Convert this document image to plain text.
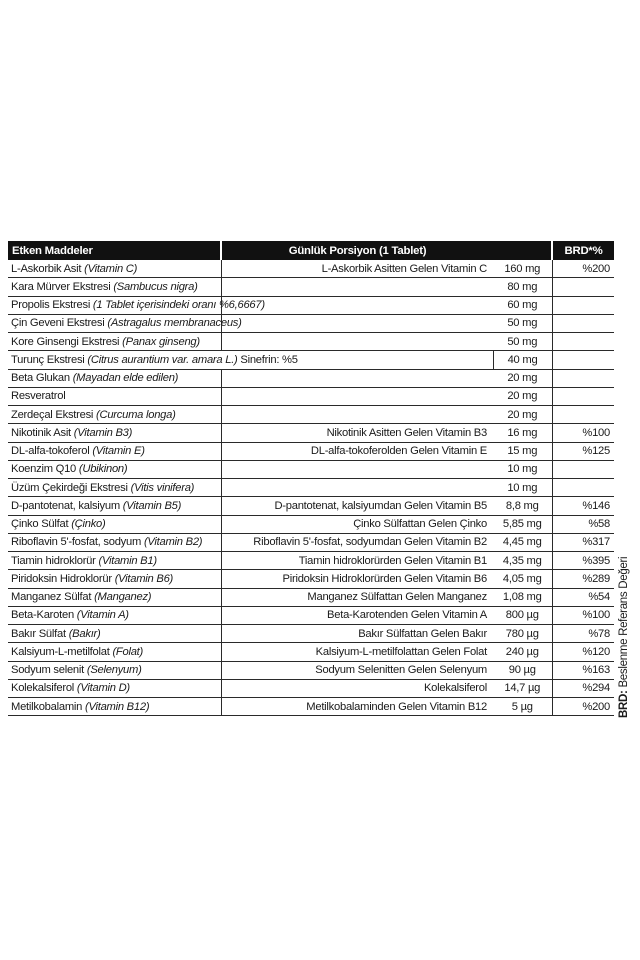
Etken Maddeler	Günlük Porsiyon (1 Tablet)		BRD*%
L-Askorbik Asit (Vitamin C)	L-Askorbik Asitten Gelen Vitamin C	160 mg	%200
Kara Mürver Ekstresi (Sambucus nigra)		80 mg	
Propolis Ekstresi (1 Tablet içerisindeki oranı %6,6667)		60 mg	
Çin Geveni Ekstresi (Astragalus membranaceus)		50 mg	
Kore Ginsengi Ekstresi (Panax ginseng)		50 mg	
Turunç Ekstresi (Citrus aurantium var. amara L.) Sinefrin: %5		40 mg	
Beta Glukan (Mayadan elde edilen)		20 mg	
Resveratrol		20 mg	
Zerdeçal Ekstresi (Curcuma longa)		20 mg	
Nikotinik Asit (Vitamin B3)	Nikotinik Asitten Gelen Vitamin B3	16 mg	%100
DL-alfa-tokoferol (Vitamin E)	DL-alfa-tokoferolden Gelen Vitamin E	15 mg	%125
Koenzim Q10 (Ubikinon)		10 mg	
Üzüm Çekirdeği Ekstresi (Vitis vinifera)		10 mg	
D-pantotenat, kalsiyum (Vitamin B5)	D-pantotenat, kalsiyumdan Gelen Vitamin B5	8,8 mg	%146
Çinko Sülfat (Çinko)	Çinko Sülfattan Gelen Çinko	5,85 mg	%58
Riboflavin 5'-fosfat, sodyum (Vitamin B2)	Riboflavin 5'-fosfat, sodyumdan Gelen Vitamin B2	4,45 mg	%317
Tiamin hidroklorür (Vitamin B1)	Tiamin hidroklorürden Gelen Vitamin B1	4,35 mg	%395
Piridoksin Hidroklorür (Vitamin B6)	Piridoksin Hidroklorürden Gelen Vitamin B6	4,05 mg	%289
Manganez Sülfat (Manganez)	Manganez Sülfattan Gelen Manganez	1,08 mg	%54
Beta-Karoten (Vitamin A)	Beta-Karotenden Gelen Vitamin A	800 µg	%100
Bakır Sülfat (Bakır)	Bakır Sülfattan Gelen Bakır	780 µg	%78
Kalsiyum-L-metilfolat (Folat)	Kalsiyum-L-metilfolattan Gelen Folat	240 µg	%120
Sodyum selenit (Selenyum)	Sodyum Selenitten Gelen Selenyum	90 µg	%163
Kolekalsiferol (Vitamin D)	Kolekalsiferol	14,7 µg	%294
Metilkobalamin (Vitamin B12)	Metilkobalaminden Gelen Vitamin B12	5 µg	%200 BRD: Beslenme Referans Değeri
